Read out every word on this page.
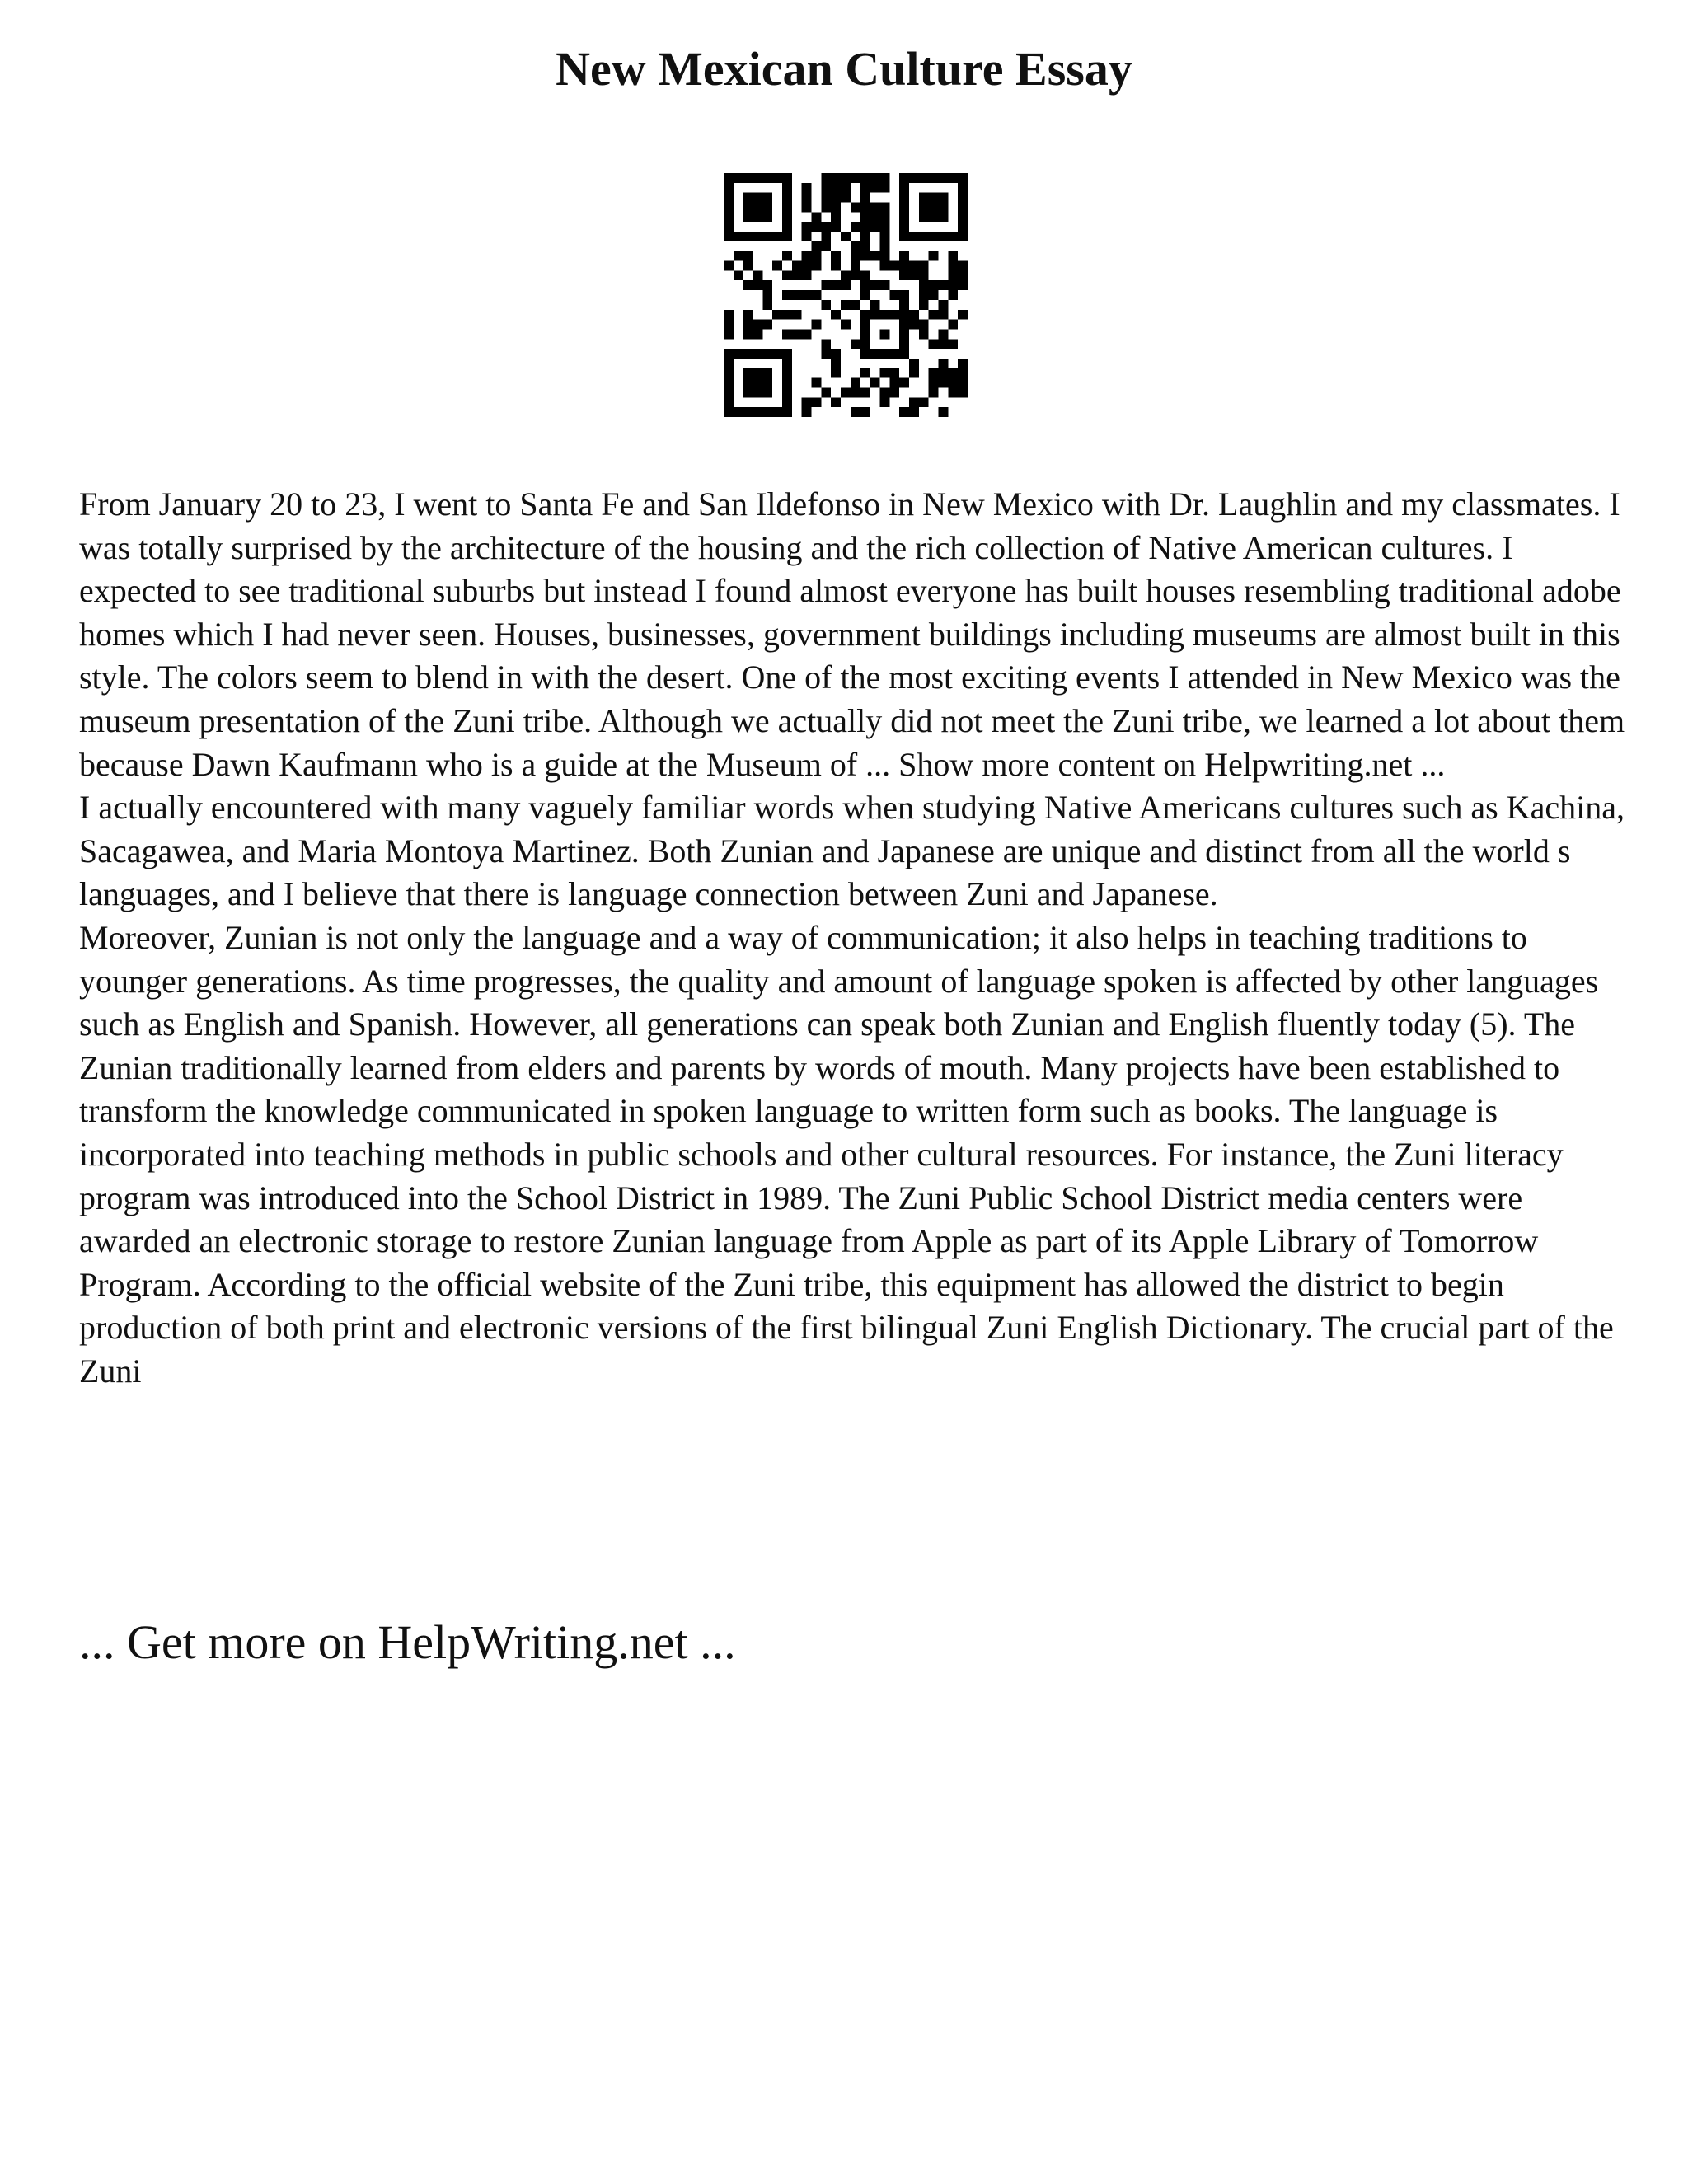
New Mexican Culture Essay

From January 20 to 23, I went to Santa Fe and San Ildefonso in New Mexico with Dr. Laughlin and my classmates. I was totally surprised by the architecture of the housing and the rich collection of Native American cultures. I expected to see traditional suburbs but instead I found almost everyone has built houses resembling traditional adobe homes which I had never seen. Houses, businesses, government buildings including museums are almost built in this style. The colors seem to blend in with the desert. One of the most exciting events I attended in New Mexico was the museum presentation of the Zuni tribe. Although we actually did not meet the Zuni tribe, we learned a lot about them because Dawn Kaufmann who is a guide at the Museum of ... Show more content on Helpwriting.net ...

I actually encountered with many vaguely familiar words when studying Native Americans cultures such as Kachina, Sacagawea, and Maria Montoya Martinez. Both Zunian and Japanese are unique and distinct from all the world s languages, and I believe that there is language connection between Zuni and Japanese.

Moreover, Zunian is not only the language and a way of communication; it also helps in teaching traditions to younger generations. As time progresses, the quality and amount of language spoken is affected by other languages such as English and Spanish. However, all generations can speak both Zunian and English fluently today (5). The Zunian traditionally learned from elders and parents by words of mouth. Many projects have been established to transform the knowledge communicated in spoken language to written form such as books. The language is incorporated into teaching methods in public schools and other cultural resources. For instance, the Zuni literacy program was introduced into the School District in 1989. The Zuni Public School District media centers were awarded an electronic storage to restore Zunian language from Apple as part of its Apple Library of Tomorrow Program. According to the official website of the Zuni tribe, this equipment has allowed the district to begin production of both print and electronic versions of the first bilingual Zuni English Dictionary. The crucial part of the Zuni

... Get more on HelpWriting.net ...
